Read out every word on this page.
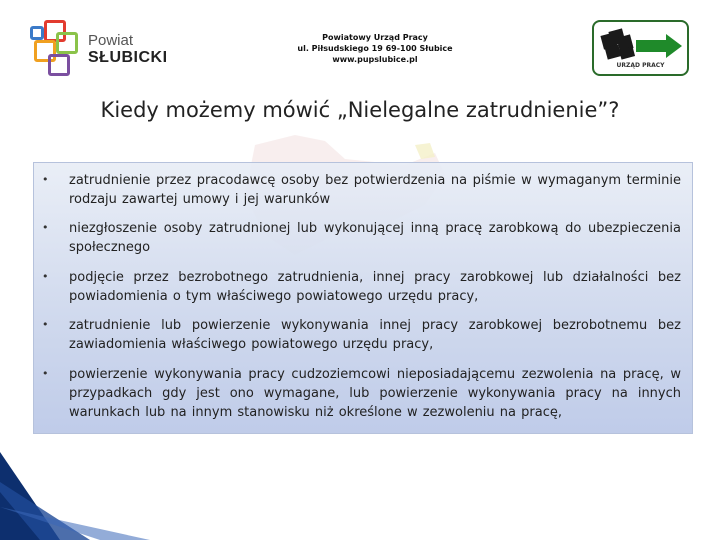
Powiat
SŁUBICKI
Powiatowy Urząd Pracy
ul. Piłsudskiego 19 69-100 Słubice
www.pupslubice.pl
URZĄD PRACY
Kiedy możemy mówić „Nielegalne zatrudnienie”?
• zatrudnienie przez pracodawcę osoby bez potwierdzenia na piśmie w wymaganym terminie rodzaju zawartej umowy i jej warunków
• niezgłoszenie osoby zatrudnionej lub wykonującej inną pracę zarobkową do ubezpieczenia społecznego
• podjęcie przez bezrobotnego zatrudnienia, innej pracy zarobkowej lub działalności bez powiadomienia o tym właściwego powiatowego urzędu pracy,
• zatrudnienie lub powierzenie wykonywania innej pracy zarobkowej bezrobotnemu bez zawiadomienia właściwego powiatowego urzędu pracy,
• powierzenie wykonywania pracy cudzoziemcowi nieposiadającemu zezwolenia na pracę, w przypadkach gdy jest ono wymagane, lub powierzenie wykonywania pracy na innych warunkach lub na innym stanowisku niż określone w zezwoleniu na pracę,
